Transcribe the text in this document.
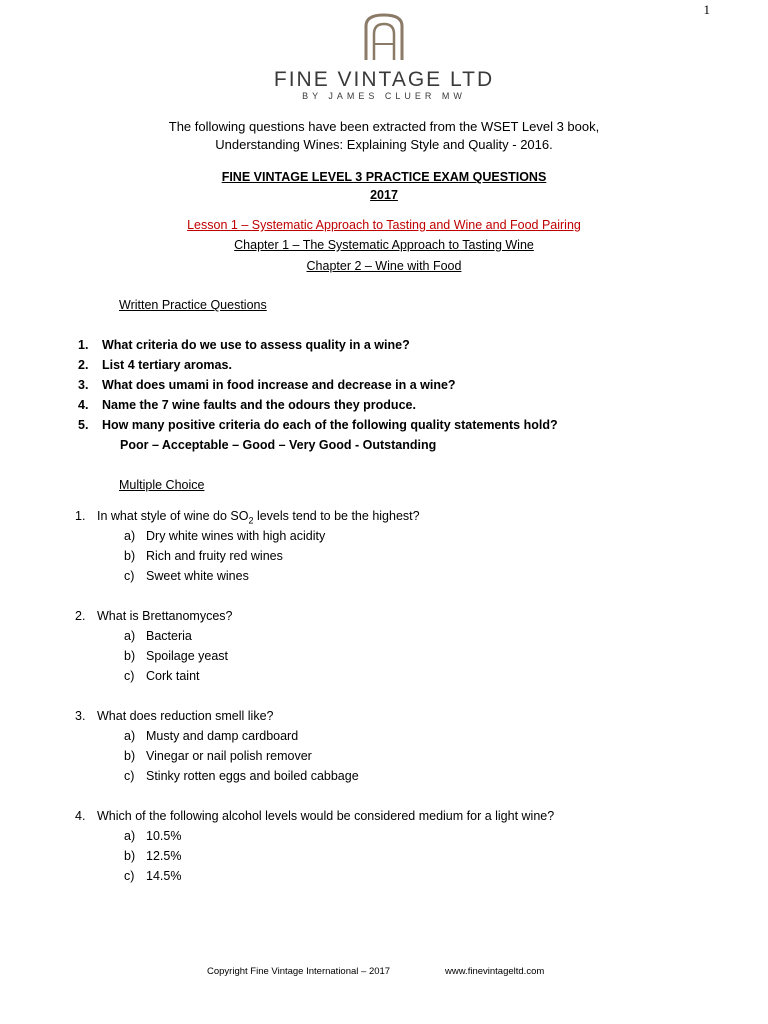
1
FINE VINTAGE LTD
BY JAMES CLUER MW
The following questions have been extracted from the WSET Level 3 book,
Understanding Wines: Explaining Style and Quality - 2016.
FINE VINTAGE LEVEL 3 PRACTICE EXAM QUESTIONS
2017
Lesson 1 – Systematic Approach to Tasting and Wine and Food Pairing
Chapter 1 – The Systematic Approach to Tasting Wine
Chapter 2 – Wine with Food
Written Practice Questions
1. What criteria do we use to assess quality in a wine?
2. List 4 tertiary aromas.
3. What does umami in food increase and decrease in a wine?
4. Name the 7 wine faults and the odours they produce.
5. How many positive criteria do each of the following quality statements hold?
Poor – Acceptable – Good – Very Good - Outstanding
Multiple Choice
1. In what style of wine do $SO_2$ levels tend to be the highest?
a) Dry white wines with high acidity
b) Rich and fruity red wines
c) Sweet white wines
2. What is Brettanomyces?
a) Bacteria
b) Spoilage yeast
c) Cork taint
3. What does reduction smell like?
a) Musty and damp cardboard
b) Vinegar or nail polish remover
c) Stinky rotten eggs and boiled cabbage
4. Which of the following alcohol levels would be considered medium for a light wine?
a) 10.5%
b) 12.5%
c) 14.5%
Copyright Fine Vintage International – 2017	www.finevintageltd.com
